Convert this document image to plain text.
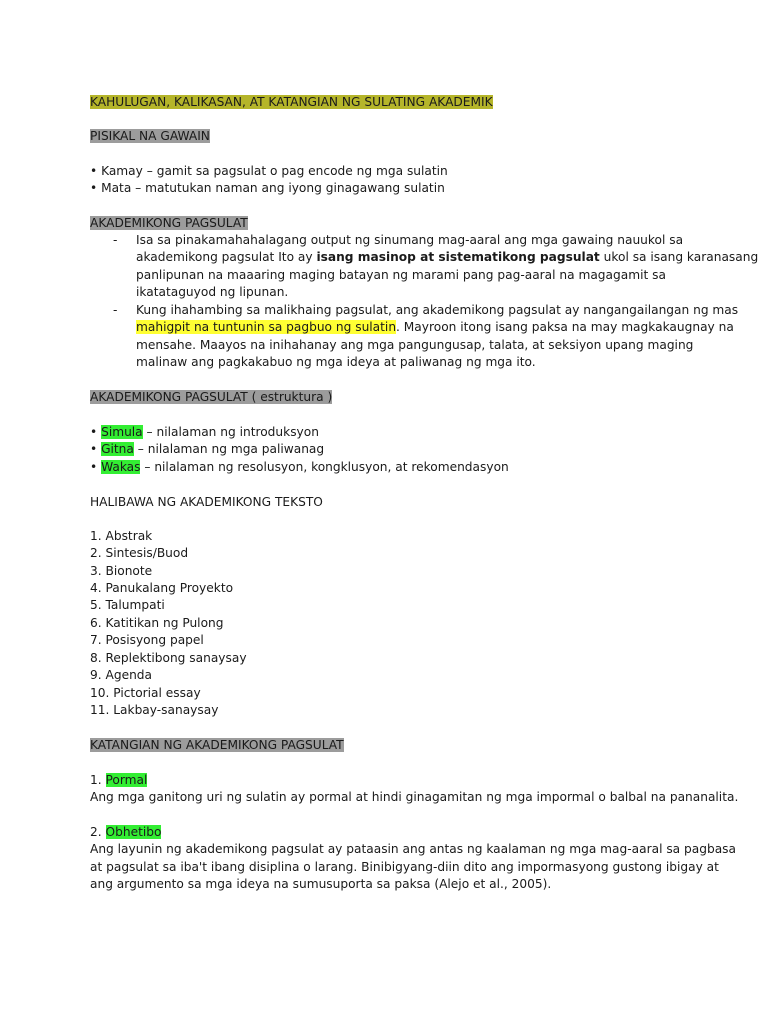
KAHULUGAN, KALIKASAN, AT KATANGIAN NG SULATING AKADEMIK
PISIKAL NA GAWAIN
• Kamay – gamit sa pagsulat o pag encode ng mga sulatin
• Mata – matutukan naman ang iyong ginagawang sulatin
AKADEMIKONG PAGSULAT
- Isa sa pinakamahahalagang output ng sinumang mag-aaral ang mga gawaing nauukol sa
akademikong pagsulat Ito ay isang masinop at sistematikong pagsulat ukol sa isang karanasang
panlipunan na maaaring maging batayan ng marami pang pag-aaral na magagamit sa
ikatataguyod ng lipunan.
- Kung ihahambing sa malikhaing pagsulat, ang akademikong pagsulat ay nangangailangan ng mas
mahigpit na tuntunin sa pagbuo ng sulatin. Mayroon itong isang paksa na may magkakaugnay na
mensahe. Maayos na inihahanay ang mga pangungusap, talata, at seksiyon upang maging
malinaw ang pagkakabuo ng mga ideya at paliwanag ng mga ito.
AKADEMIKONG PAGSULAT ( estruktura )
• Simula – nilalaman ng introduksyon
• Gitna – nilalaman ng mga paliwanag
• Wakas – nilalaman ng resolusyon, kongklusyon, at rekomendasyon
HALIBAWA NG AKADEMIKONG TEKSTO
1. Abstrak
2. Sintesis/Buod
3. Bionote
4. Panukalang Proyekto
5. Talumpati
6. Katitikan ng Pulong
7. Posisyong papel
8. Replektibong sanaysay
9. Agenda
10. Pictorial essay
11. Lakbay-sanaysay
KATANGIAN NG AKADEMIKONG PAGSULAT
1. Pormal
Ang mga ganitong uri ng sulatin ay pormal at hindi ginagamitan ng mga impormal o balbal na pananalita.
2. Obhetibo
Ang layunin ng akademikong pagsulat ay pataasin ang antas ng kaalaman ng mga mag-aaral sa pagbasa
at pagsulat sa iba't ibang disiplina o larang. Binibigyang-diin dito ang impormasyong gustong ibigay at
ang argumento sa mga ideya na sumusuporta sa paksa (Alejo et al., 2005).
